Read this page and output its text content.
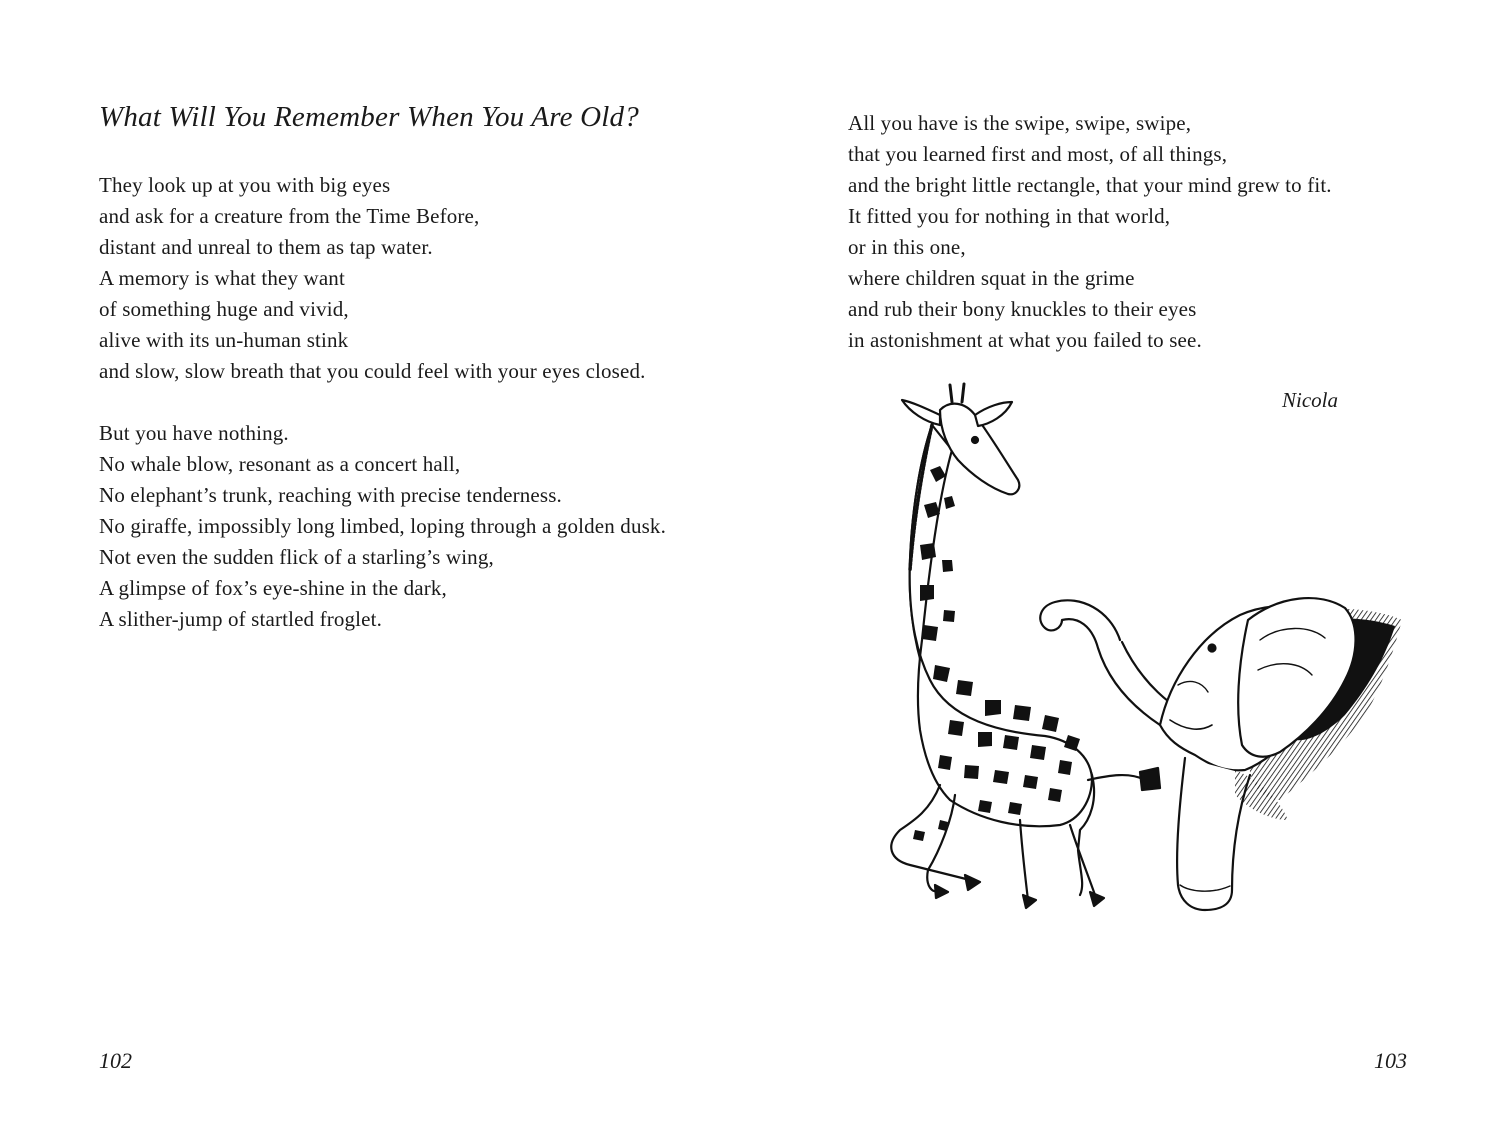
What Will You Remember When You Are Old?
They look up at you with big eyes
and ask for a creature from the Time Before,
distant and unreal to them as tap water.
A memory is what they want
of something huge and vivid,
alive with its un-human stink
and slow, slow breath that you could feel with your eyes closed.
But you have nothing.
No whale blow, resonant as a concert hall,
No elephant’s trunk, reaching with precise tenderness.
No giraffe, impossibly long limbed, loping through a golden dusk.
Not even the sudden flick of a starling’s wing,
A glimpse of fox’s eye-shine in the dark,
A slither-jump of startled froglet.

102

All you have is the swipe, swipe, swipe,
that you learned first and most, of all things,
and the bright little rectangle, that your mind grew to fit.
It fitted you for nothing in that world,
or in this one,
where children squat in the grime
and rub their bony knuckles to their eyes
in astonishment at what you failed to see.

Nicola

103
